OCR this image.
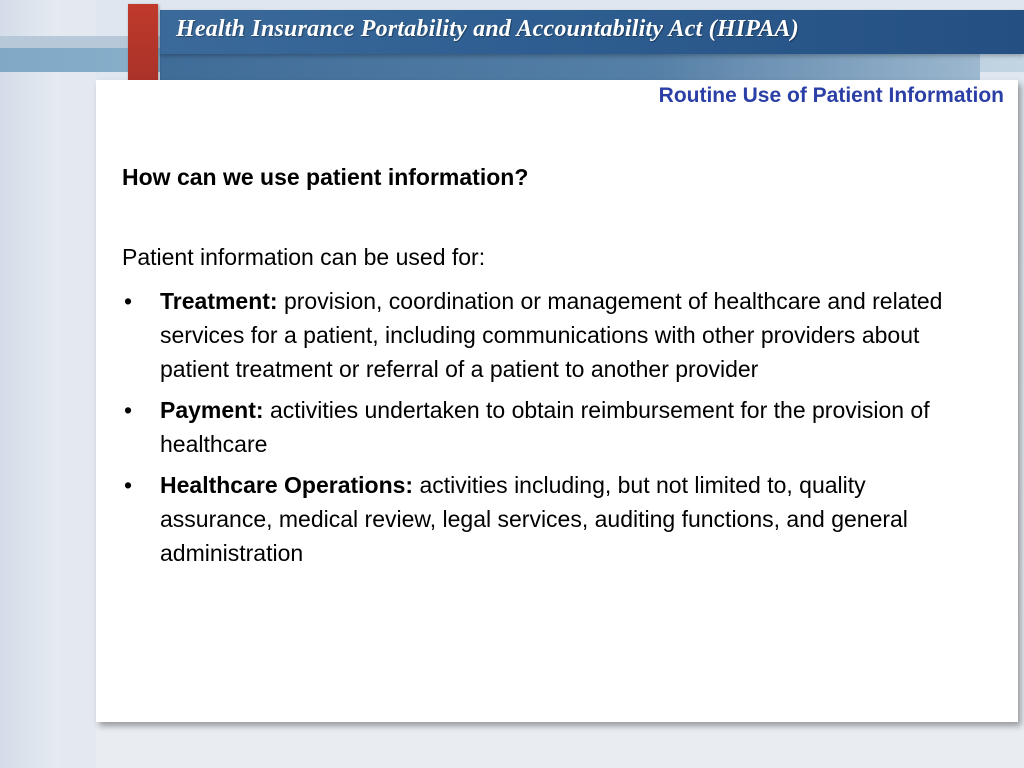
Health Insurance Portability and Accountability Act (HIPAA)
Routine Use of Patient Information
How can we use patient information?
Patient information can be used for:
• Treatment: provision, coordination or management of healthcare and related services for a patient, including communications with other providers about patient treatment or referral of a patient to another provider
• Payment: activities undertaken to obtain reimbursement for the provision of healthcare
• Healthcare Operations: activities including, but not limited to, quality assurance, medical review, legal services, auditing functions, and general administration
